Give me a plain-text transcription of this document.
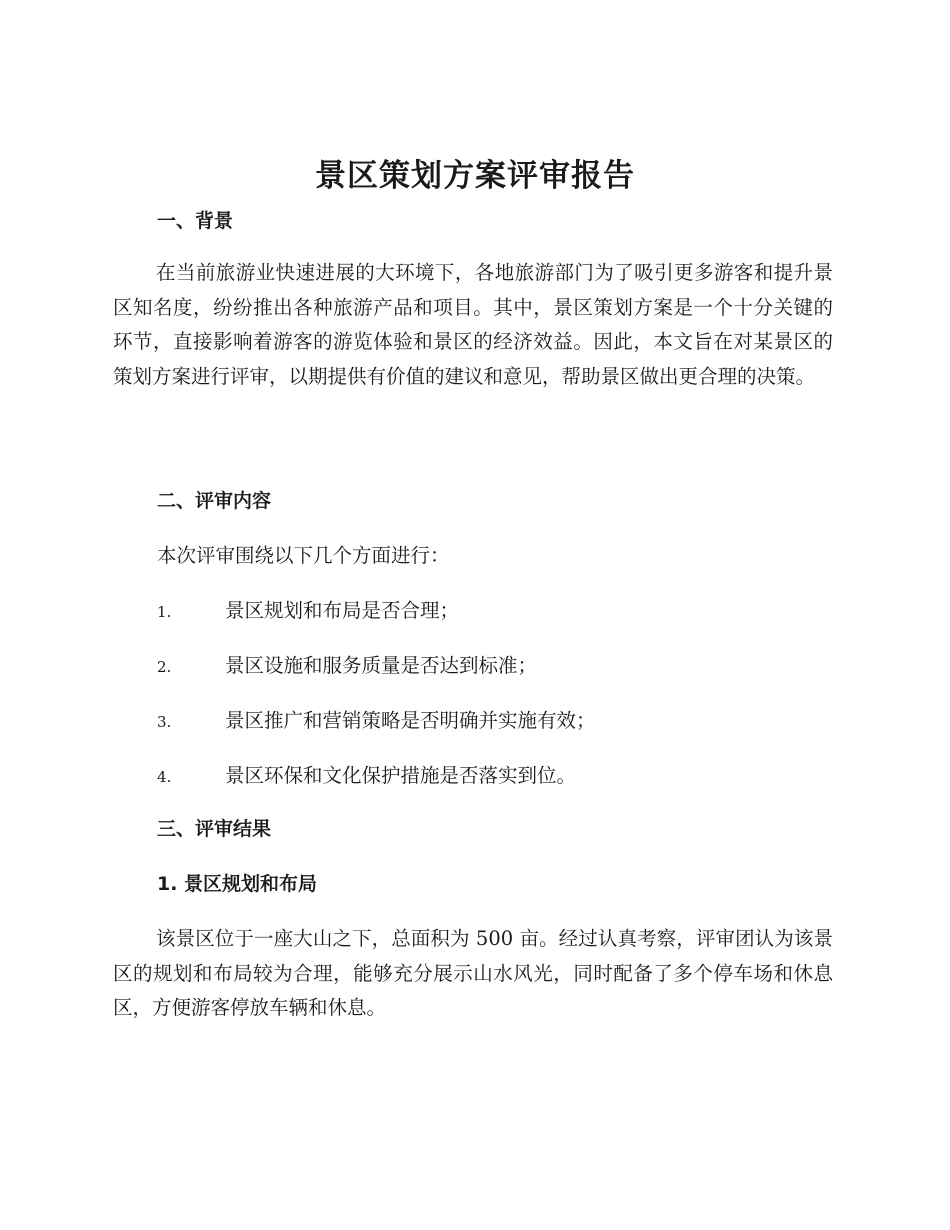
景区策划方案评审报告
一、背景

在当前旅游业快速进展的大环境下，各地旅游部门为了吸引更多游客和提升景区知名度，纷纷推出各种旅游产品和项目。其中，景区策划方案是一个十分关键的环节，直接影响着游客的游览体验和景区的经济效益。因此，本文旨在对某景区的策划方案进行评审，以期提供有价值的建议和意见，帮助景区做出更合理的决策。

二、评审内容

本次评审围绕以下几个方面进行：

1.	景区规划和布局是否合理；
2.	景区设施和服务质量是否达到标准；
3.	景区推广和营销策略是否明确并实施有效；
4.	景区环保和文化保护措施是否落实到位。
三、评审结果
1. 景区规划和布局

该景区位于一座大山之下，总面积为 500 亩。经过认真考察，评审团认为该景区的规划和布局较为合理，能够充分展示山水风光，同时配备了多个停车场和休息区，方便游客停放车辆和休息。
